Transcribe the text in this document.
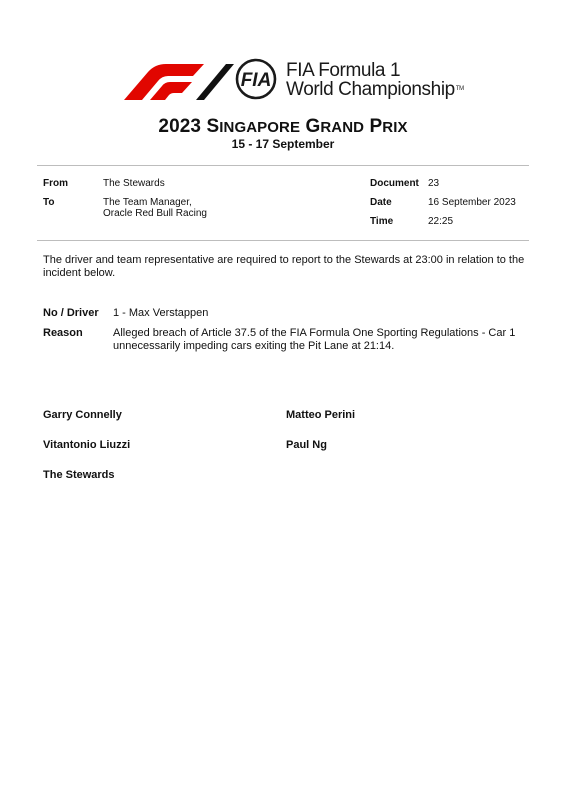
FIA FIA Formula 1
World ChampionshipTM
2023 SINGAPORE GRAND PRIX
15 - 17 September
From	The Stewards
To	The Team Manager,
Oracle Red Bull Racing
Document 23
Date	16 September 2023
Time	22:25
The driver and team representative are required to report to the Stewards at 23:00 in relation to the incident below.
No / Driver 1 - Max Verstappen
Reason	Alleged breach of Article 37.5 of the FIA Formula One Sporting Regulations - Car 1 unnecessarily impeding cars exiting the Pit Lane at 21:14.
Garry Connelly	Matteo Perini
Vitantonio Liuzzi	Paul Ng
The Stewards
